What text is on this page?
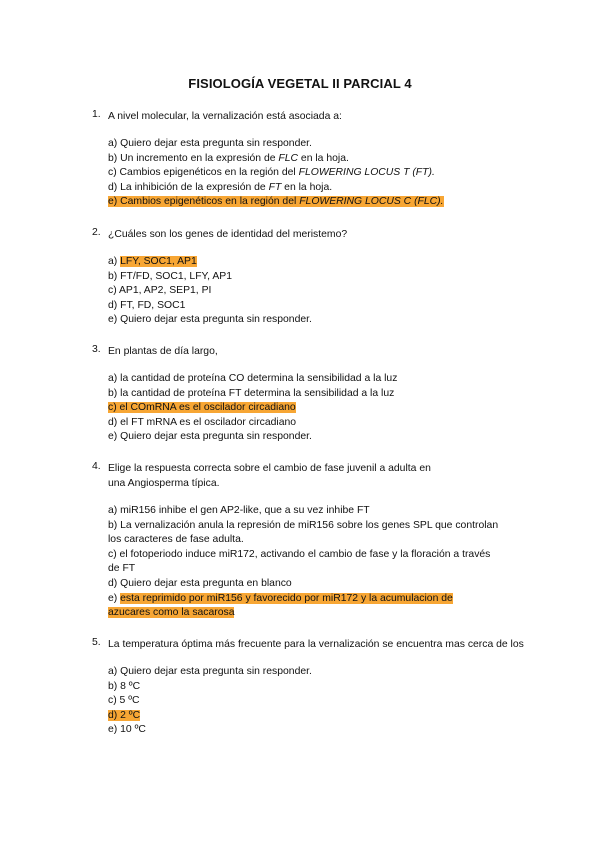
FISIOLOGÍA VEGETAL II PARCIAL 4
1. A nivel molecular, la vernalización está asociada a:
a) Quiero dejar esta pregunta sin responder.
b) Un incremento en la expresión de FLC en la hoja.
c) Cambios epigenéticos en la región del FLOWERING LOCUS T (FT).
d) La inhibición de la expresión de FT en la hoja.
e) Cambios epigenéticos en la región del FLOWERING LOCUS C (FLC).
2. ¿Cuáles son los genes de identidad del meristemo?
a) LFY, SOC1, AP1
b) FT/FD, SOC1, LFY, AP1
c) AP1, AP2, SEP1, PI
d) FT, FD, SOC1
e) Quiero dejar esta pregunta sin responder.
3. En plantas de día largo,
a) la cantidad de proteína CO determina la sensibilidad a la luz
b) la cantidad de proteína FT determina la sensibilidad a la luz
c) el COmRNA es el oscilador circadiano
d) el FT mRNA es el oscilador circadiano
e) Quiero dejar esta pregunta sin responder.
4. Elige la respuesta correcta sobre el cambio de fase juvenil a adulta en una Angiosperma típica.
a) miR156 inhibe el gen AP2-like, que a su vez inhibe FT
b) La vernalización anula la represión de miR156 sobre los genes SPL que controlan los caracteres de fase adulta.
c) el fotoperiodo induce miR172, activando el cambio de fase y la floración a través de FT
d) Quiero dejar esta pregunta en blanco
e) esta reprimido por miR156 y favorecido por miR172 y la acumulacion de azucares como la sacarosa
5. La temperatura óptima más frecuente para la vernalización se encuentra mas cerca de los
a) Quiero dejar esta pregunta sin responder.
b) 8 ºC
c) 5 ºC
d) 2 ºC
e) 10 ºC
